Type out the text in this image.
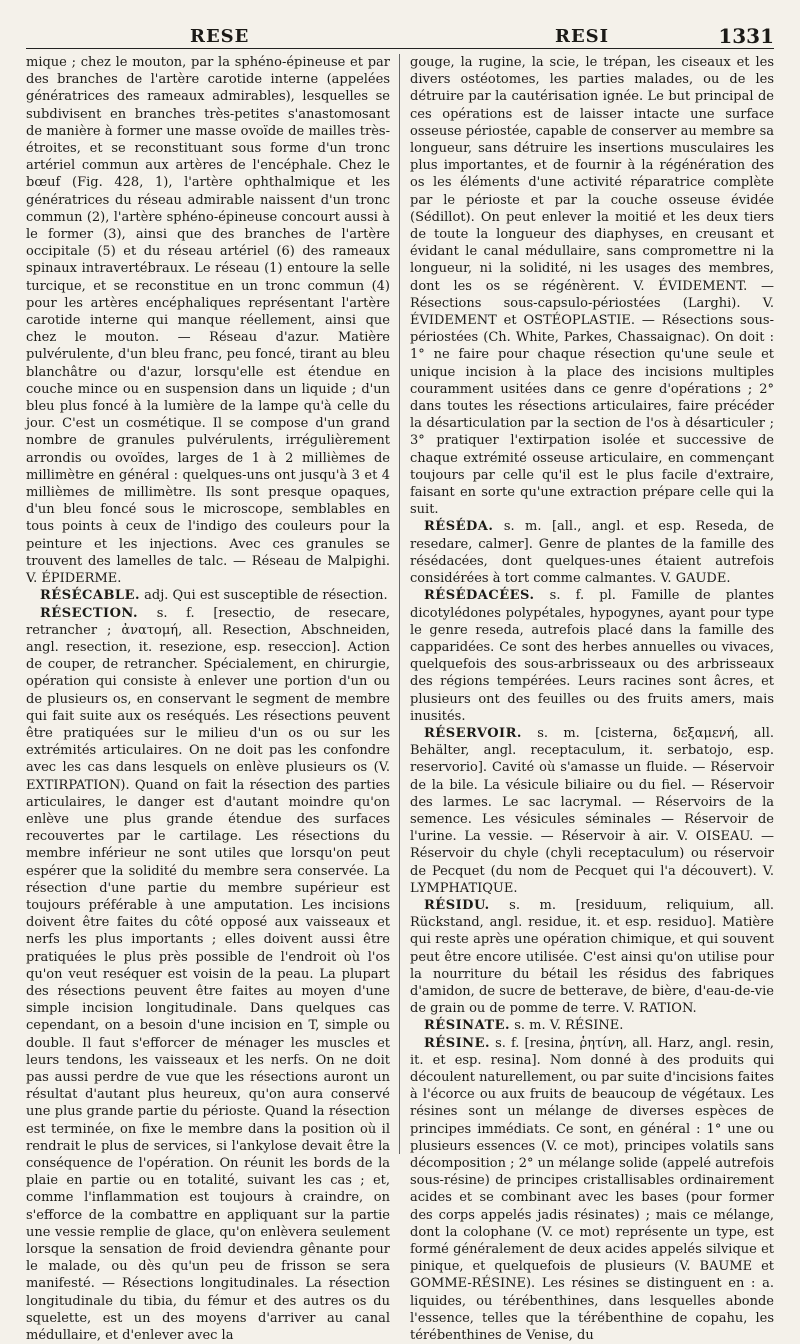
RESE	RESI	1331

mique ; chez le mouton, par la sphéno-épineuse et par des branches de l'artère carotide interne (appelées génératrices des rameaux admirables), lesquelles se subdivisent en branches très-petites s'anastomosant de manière à former une masse ovoïde de mailles très-étroites, et se reconstituant sous forme d'un tronc artériel commun aux artères de l'encéphale. Chez le bœuf (Fig. 428, 1), l'artère ophthalmique et les génératrices du réseau admirable naissent d'un tronc commun (2), l'artère sphéno-épineuse concourt aussi à le former (3), ainsi que des branches de l'artère occipitale (5) et du réseau artériel (6) des rameaux spinaux intravertébraux. Le réseau (1) entoure la selle turcique, et se reconstitue en un tronc commun (4) pour les artères encéphaliques représentant l'artère carotide interne qui manque réellement, ainsi que chez le mouton. — Réseau d'azur. Matière pulvérulente, d'un bleu franc, peu foncé, tirant au bleu blanchâtre ou d'azur, lorsqu'elle est étendue en couche mince ou en suspension dans un liquide ; d'un bleu plus foncé à la lumière de la lampe qu'à celle du jour. C'est un cosmétique. Il se compose d'un grand nombre de granules pulvérulents, irrégulièrement arrondis ou ovoïdes, larges de 1 à 2 millièmes de millimètre en général : quelques-uns ont jusqu'à 3 et 4 millièmes de millimètre. Ils sont presque opaques, d'un bleu foncé sous le microscope, semblables en tous points à ceux de l'indigo des couleurs pour la peinture et les injections. Avec ces granules se trouvent des lamelles de talc. — Réseau de Malpighi. V. ÉPIDERME.

RÉSÉCABLE. adj. Qui est susceptible de résection.

RÉSECTION. s. f. [resectio, de resecare, retrancher ; ἀνατομή, all. Resection, Abschneiden, angl. resection, it. resezione, esp. reseccion]. Action de couper, de retrancher. Spécialement, en chirurgie, opération qui consiste à enlever une portion d'un ou de plusieurs os, en conservant le segment de membre qui fait suite aux os reséqués. Les résections peuvent être pratiquées sur le milieu d'un os ou sur les extrémités articulaires. On ne doit pas les confondre avec les cas dans lesquels on enlève plusieurs os (V. EXTIRPATION). Quand on fait la résection des parties articulaires, le danger est d'autant moindre qu'on enlève une plus grande étendue des surfaces recouvertes par le cartilage. Les résections du membre inférieur ne sont utiles que lorsqu'on peut espérer que la solidité du membre sera conservée. La résection d'une partie du membre supérieur est toujours préférable à une amputation. Les incisions doivent être faites du côté opposé aux vaisseaux et nerfs les plus importants ; elles doivent aussi être pratiquées le plus près possible de l'endroit où l'os qu'on veut reséquer est voisin de la peau. La plupart des résections peuvent être faites au moyen d'une simple incision longitudinale. Dans quelques cas cependant, on a besoin d'une incision en T, simple ou double. Il faut s'efforcer de ménager les muscles et leurs tendons, les vaisseaux et les nerfs. On ne doit pas aussi perdre de vue que les résections auront un résultat d'autant plus heureux, qu'on aura conservé une plus grande partie du périoste. Quand la résection est terminée, on fixe le membre dans la position où il rendrait le plus de services, si l'ankylose devait être la conséquence de l'opération. On réunit les bords de la plaie en partie ou en totalité, suivant les cas ; et, comme l'inflammation est toujours à craindre, on s'efforce de la combattre en appliquant sur la partie une vessie remplie de glace, qu'on enlèvera seulement lorsque la sensation de froid deviendra gênante pour le malade, ou dès qu'un peu de frisson se sera manifesté. — Résections longitudinales. La résection longitudinale du tibia, du fémur et des autres os du squelette, est un des moyens d'arriver au canal médullaire, et d'enlever avec la

gouge, la rugine, la scie, le trépan, les ciseaux et les divers ostéotomes, les parties malades, ou de les détruire par la cautérisation ignée. Le but principal de ces opérations est de laisser intacte une surface osseuse périostée, capable de conserver au membre sa longueur, sans détruire les insertions musculaires les plus importantes, et de fournir à la régénération des os les éléments d'une activité réparatrice complète par le périoste et par la couche osseuse évidée (Sédillot). On peut enlever la moitié et les deux tiers de toute la longueur des diaphyses, en creusant et évidant le canal médullaire, sans compromettre ni la longueur, ni la solidité, ni les usages des membres, dont les os se régénèrent. V. ÉVIDEMENT. — Résections sous-capsulo-périostées (Larghi). V. ÉVIDEMENT et OSTÉOPLASTIE. — Résections sous-périostées (Ch. White, Parkes, Chassaignac). On doit : 1° ne faire pour chaque résection qu'une seule et unique incision à la place des incisions multiples couramment usitées dans ce genre d'opérations ; 2° dans toutes les résections articulaires, faire précéder la désarticulation par la section de l'os à désarticuler ; 3° pratiquer l'extirpation isolée et successive de chaque extrémité osseuse articulaire, en commençant toujours par celle qu'il est le plus facile d'extraire, faisant en sorte qu'une extraction prépare celle qui la suit.

RÉSÉDA. s. m. [all., angl. et esp. Reseda, de resedare, calmer]. Genre de plantes de la famille des résédacées, dont quelques-unes étaient autrefois considérées à tort comme calmantes. V. GAUDE.

RÉSÉDACÉES. s. f. pl. Famille de plantes dicotylédones polypétales, hypogynes, ayant pour type le genre reseda, autrefois placé dans la famille des capparidées. Ce sont des herbes annuelles ou vivaces, quelquefois des sous-arbrisseaux ou des arbrisseaux des régions tempérées. Leurs racines sont âcres, et plusieurs ont des feuilles ou des fruits amers, mais inusités.

RÉSERVOIR. s. m. [cisterna, δεξαμενή, all. Behälter, angl. receptaculum, it. serbatojo, esp. reservorio]. Cavité où s'amasse un fluide. — Réservoir de la bile. La vésicule biliaire ou du fiel. — Réservoir des larmes. Le sac lacrymal. — Réservoirs de la semence. Les vésicules séminales — Réservoir de l'urine. La vessie. — Réservoir à air. V. OISEAU. — Réservoir du chyle (chyli receptaculum) ou réservoir de Pecquet (du nom de Pecquet qui l'a découvert). V. LYMPHATIQUE.

RÉSIDU. s. m. [residuum, reliquium, all. Rückstand, angl. residue, it. et esp. residuo]. Matière qui reste après une opération chimique, et qui souvent peut être encore utilisée. C'est ainsi qu'on utilise pour la nourriture du bétail les résidus des fabriques d'amidon, de sucre de betterave, de bière, d'eau-de-vie de grain ou de pomme de terre. V. RATION.

RÉSINATE. s. m. V. RÉSINE.

RÉSINE. s. f. [resina, ῥητίνη, all. Harz, angl. resin, it. et esp. resina]. Nom donné à des produits qui découlent naturellement, ou par suite d'incisions faites à l'écorce ou aux fruits de beaucoup de végétaux. Les résines sont un mélange de diverses espèces de principes immédiats. Ce sont, en général : 1° une ou plusieurs essences (V. ce mot), principes volatils sans décomposition ; 2° un mélange solide (appelé autrefois sous-résine) de principes cristallisables ordinairement acides et se combinant avec les bases (pour former des corps appelés jadis résinates) ; mais ce mélange, dont la colophane (V. ce mot) représente un type, est formé généralement de deux acides appelés silvique et pinique, et quelquefois de plusieurs (V. BAUME et GOMME-RÉSINE). Les résines se distinguent en : a. liquides, ou térébenthines, dans lesquelles abonde l'essence, telles que la térébenthine de copahu, les térébenthines de Venise, du
